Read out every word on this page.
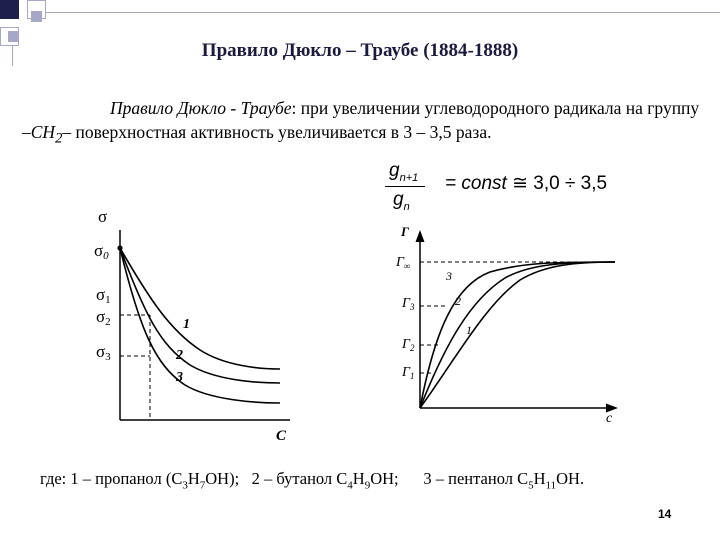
Правило Дюкло – Траубе (1884-1888)
Правило Дюкло - Траубе: при увеличении углеводородного радикала на группу $-CH_2-$ поверхностная активность увеличивается в 3 – 3,5 раза.
$g_{n+1}$
$g_n$
= const ≅ 3,0 ÷ 3,5
σ
C
σ0
σ1
σ2
σ3
1
2
3
Г
c
$Г_\infty$
$Г_3$
$Г_2$
$Г_1$
3
2
1
где: 1 – пропанол $(C_3H_7OH)$; 2 – бутанол $C_4H_9OH$; 3 – пентанол $C_5H_{11}OH$.
14
